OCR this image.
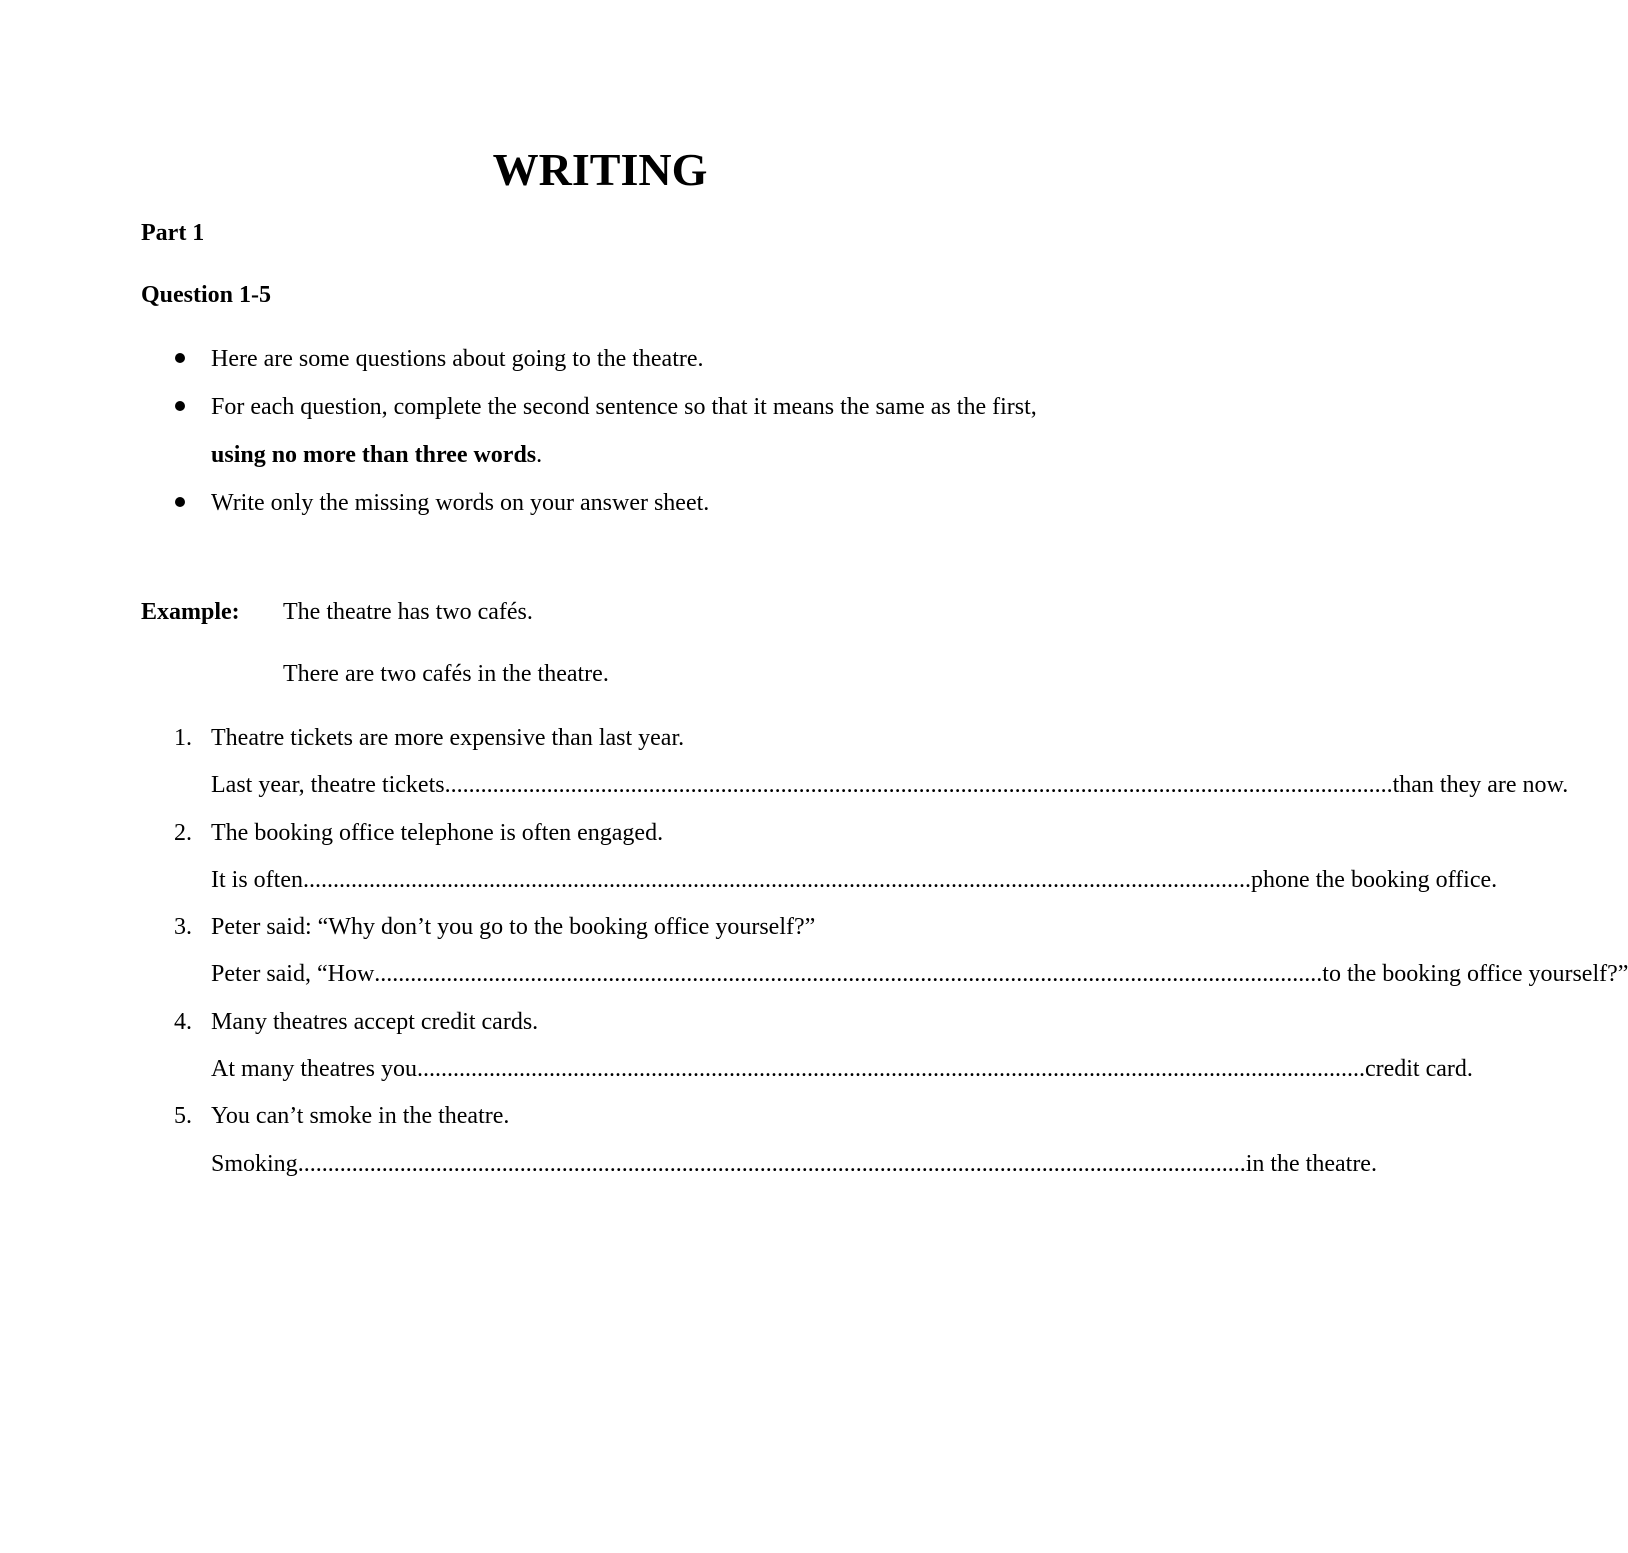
WRITING
Part 1
Question 1-5
Here are some questions about going to the theatre.
For each question, complete the second sentence so that it means the same as the first, using no more than three words.
Write only the missing words on your answer sheet.
Example: The theatre has two cafés.
There are two cafés in the theatre.
1. Theatre tickets are more expensive than last year.
Last year, theatre tickets .............................................................................................................................................................. than they are now.
2. The booking office telephone is often engaged.
It is often .............................................................................................................................................................. phone the booking office.
3. Peter said: “Why don’t you go to the booking office yourself?”
Peter said, “How .............................................................................................................................................................. to the booking office yourself?”
4. Many theatres accept credit cards.
At many theatres you .............................................................................................................................................................. credit card.
5. You can’t smoke in the theatre.
Smoking .............................................................................................................................................................. in the theatre.
